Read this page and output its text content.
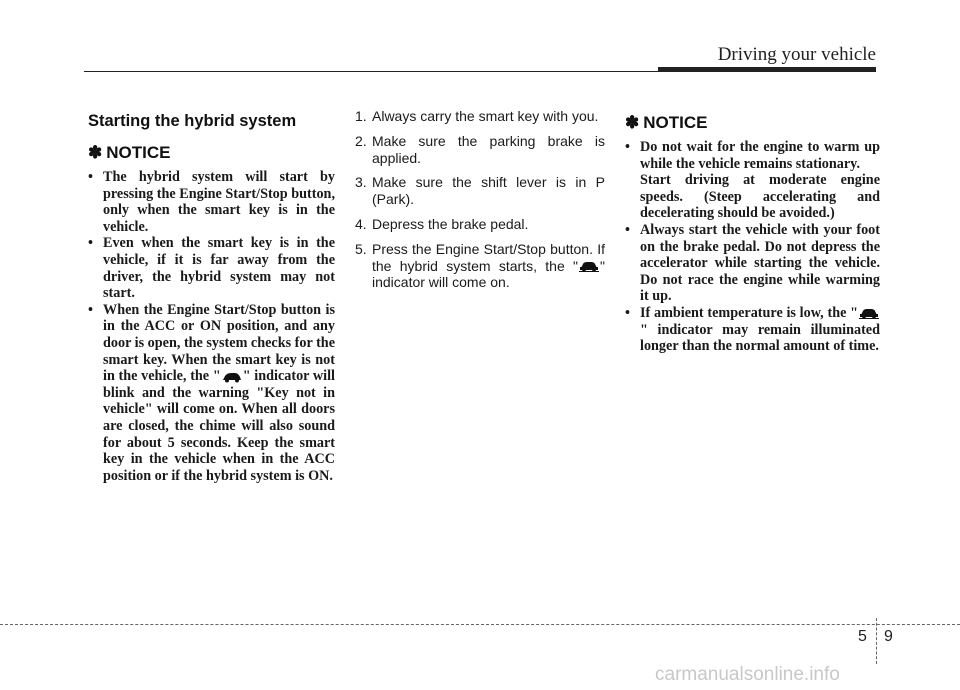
Driving your vehicle
Starting the hybrid system
✽ NOTICE
• The hybrid system will start by pressing the Engine Start/Stop button, only when the smart key is in the vehicle.
• Even when the smart key is in the vehicle, if it is far away from the driver, the hybrid system may not start.
• When the Engine Start/Stop button is in the ACC or ON position, and any door is open, the system checks for the smart key. When the smart key is not in the vehicle, the " " indicator will blink and the warning "Key not in vehicle" will come on. When all doors are closed, the chime will also sound for about 5 seconds. Keep the smart key in the vehicle when in the ACC position or if the hybrid system is ON.
1. Always carry the smart key with you.
2. Make sure the parking brake is applied.
3. Make sure the shift lever is in P (Park).
4. Depress the brake pedal.
5. Press the Engine Start/Stop button. If the hybrid system starts, the " " indicator will come on.
✽ NOTICE
• Do not wait for the engine to warm up while the vehicle remains stationary.
Start driving at moderate engine speeds. (Steep accelerating and decelerating should be avoided.)
• Always start the vehicle with your foot on the brake pedal. Do not depress the accelerator while starting the vehicle. Do not race the engine while warming it up.
• If ambient temperature is low, the "" indicator may remain illuminated longer than the normal amount of time.
5 9
carmanualsonline.info
